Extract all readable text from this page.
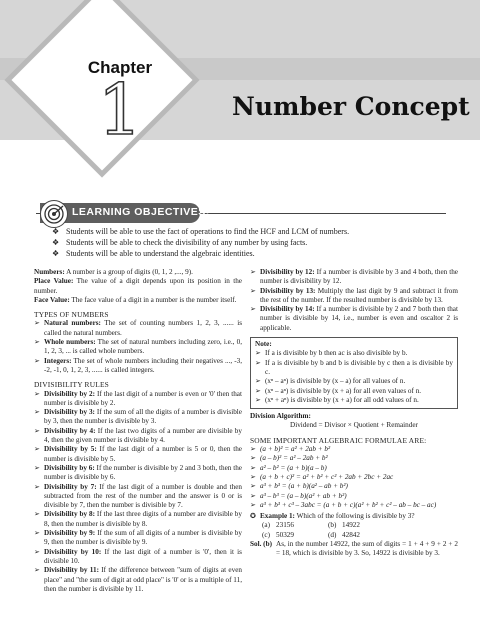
Chapter
1	Number Concept
LEARNING OBJECTIVES:
❖ Students will be able to use the fact of operations to find the HCF and LCM of numbers.
❖ Students will be able to check the divisibility of any number by using facts.
❖ Students will be able to understand the algebraic identities.

Numbers: A number is a group of digits (0, 1, 2 ,..., 9).

Place Value: The value of a digit depends upon its position in the number.

Face Value: The face value of a digit in a number is the number itself.

TYPES OF NUMBERS
➢ Natural numbers: The set of counting numbers 1, 2, 3, ...... is called the natural numbers.
➢ Whole numbers: The set of natural numbers including zero, i.e., 0, 1, 2, 3, ... is called whole numbers.
➢ Integers: The set of whole numbers including their negatives ..., -3, -2, -1, 0, 1, 2, 3, ...... is called integers.
DIVISIBILITY RULES
➢ Divisibility by 2: If the last digit of a number is even or '0' then that number is divisible by 2.
➢ Divisibility by 3: If the sum of all the digits of a number is divisible by 3, then the number is divisible by 3.
➢ Divisibility by 4: If the last two digits of a number are divisible by 4, then the given number is divisible by 4.
➢ Divisibility by 5: If the last digit of a number is 5 or 0, then the number is divisible by 5.
➢ Divisibility by 6: If the number is divisible by 2 and 3 both, then the number is divisible by 6.
➢ Divisibility by 7: If the last digit of a number is double and then subtracted from the rest of the number and the answer is 0 or is divisible by 7, then the number is divisible by 7.
➢ Divisibility by 8: If the last three digits of a number are divisible by 8, then the number is divisible by 8.
➢ Divisibility by 9: If the sum of all digits of a number is divisible by 9, then the number is divisible by 9.
➢ Divisibility by 10: If the last digit of a number is '0', then it is divisible 10.
➢ Divisibility by 11: If the difference between "sum of digits at even place" and "the sum of digit at odd place" is '0' or is a multiple of 11, then the number is divisible by 11.
➢ Divisibility by 12: If a number is divisible by 3 and 4 both, then the number is divisibility by 12.
➢ Divisibility by 13: Multiply the last digit by 9 and subtract it from the rest of the number. If the resulted number is divisible by 13.
➢ Divisibility by 14: If a number is divisible by 2 and 7 both then that number is divisible by 14, i.e., number is even and oscaltor 2 is applicable.
Note:
➢ If a is divisible by b then ac is also divisible by b.
➢ If a is divisible by b and b is divisible by c then a is divisible by c.
➢ (xⁿ – aⁿ) is divisible by (x – a) for all values of n.
➢ (xⁿ – aⁿ) is divisible by (x + a) for all even values of n.
➢ (xⁿ + aⁿ) is divisible by (x + a) for all odd values of n.
Division Algorithm:
Dividend = Divisor × Quotient + Remainder
SOME IMPORTANT ALGEBRAIC FORMULAE ARE:
➢ (a + b)² = a² + 2ab + b²
➢ (a – b)² = a² – 2ab + b²
➢ a² – b² = (a + b)(a – b)
➢ (a + b + c)² = a² + b² + c² + 2ab + 2bc + 2ac
➢ a³ + b³ = (a + b)(a² – ab + b²)
➢ a³ – b³ = (a – b)(a² + ab + b²)
➢ a³ + b³ + c³ – 3abc = (a + b + c)(a² + b² + c² – ab – bc – ac)
✪ Example 1: Which of the following is divisible by 3?
(a) 23156	(b) 14922
(c) 50329	(d) 42842
Sol. (b) As, in the number 14922, the sum of digits = 1 + 4 + 9 + 2 + 2 = 18, which is divisible by 3. So, 14922 is divisible by 3.
